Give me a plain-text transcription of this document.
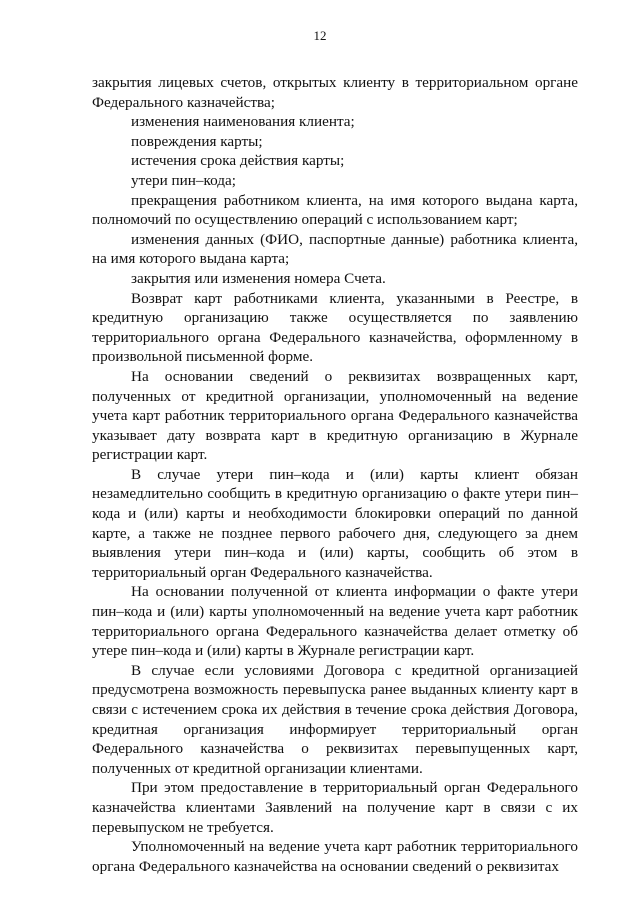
12

закрытия лицевых счетов, открытых клиенту в территориальном органе Федерального казначейства;

изменения наименования клиента;

повреждения карты;

истечения срока действия карты;

утери пин–кода;

прекращения работником клиента, на имя которого выдана карта, полномочий по осуществлению операций с использованием карт;

изменения данных (ФИО, паспортные данные) работника клиента, на имя которого выдана карта;

закрытия или изменения номера Счета.

Возврат карт работниками клиента, указанными в Реестре, в кредитную организацию также осуществляется по заявлению территориального органа Федерального казначейства, оформленному в произвольной письменной форме.

На основании сведений о реквизитах возвращенных карт, полученных от кредитной организации, уполномоченный на ведение учета карт работник территориального органа Федерального казначейства указывает дату возврата карт в кредитную организацию в Журнале регистрации карт.

В случае утери пин–кода и (или) карты клиент обязан незамедлительно сообщить в кредитную организацию о факте утери пин–кода и (или) карты и необходимости блокировки операций по данной карте, а также не позднее первого рабочего дня, следующего за днем выявления утери пин–кода и (или) карты, сообщить об этом в территориальный орган Федерального казначейства.

На основании полученной от клиента информации о факте утери пин–кода и (или) карты уполномоченный на ведение учета карт работник территориального органа Федерального казначейства делает отметку об утере пин–кода и (или) карты в Журнале регистрации карт.

В случае если условиями Договора с кредитной организацией предусмотрена возможность перевыпуска ранее выданных клиенту карт в связи с истечением срока их действия в течение срока действия Договора, кредитная организация информирует территориальный орган Федерального казначейства о реквизитах перевыпущенных карт, полученных от кредитной организации клиентами.

При этом предоставление в территориальный орган Федерального казначейства клиентами Заявлений на получение карт в связи с их перевыпуском не требуется.

Уполномоченный на ведение учета карт работник территориального органа Федерального казначейства на основании сведений о реквизитах
